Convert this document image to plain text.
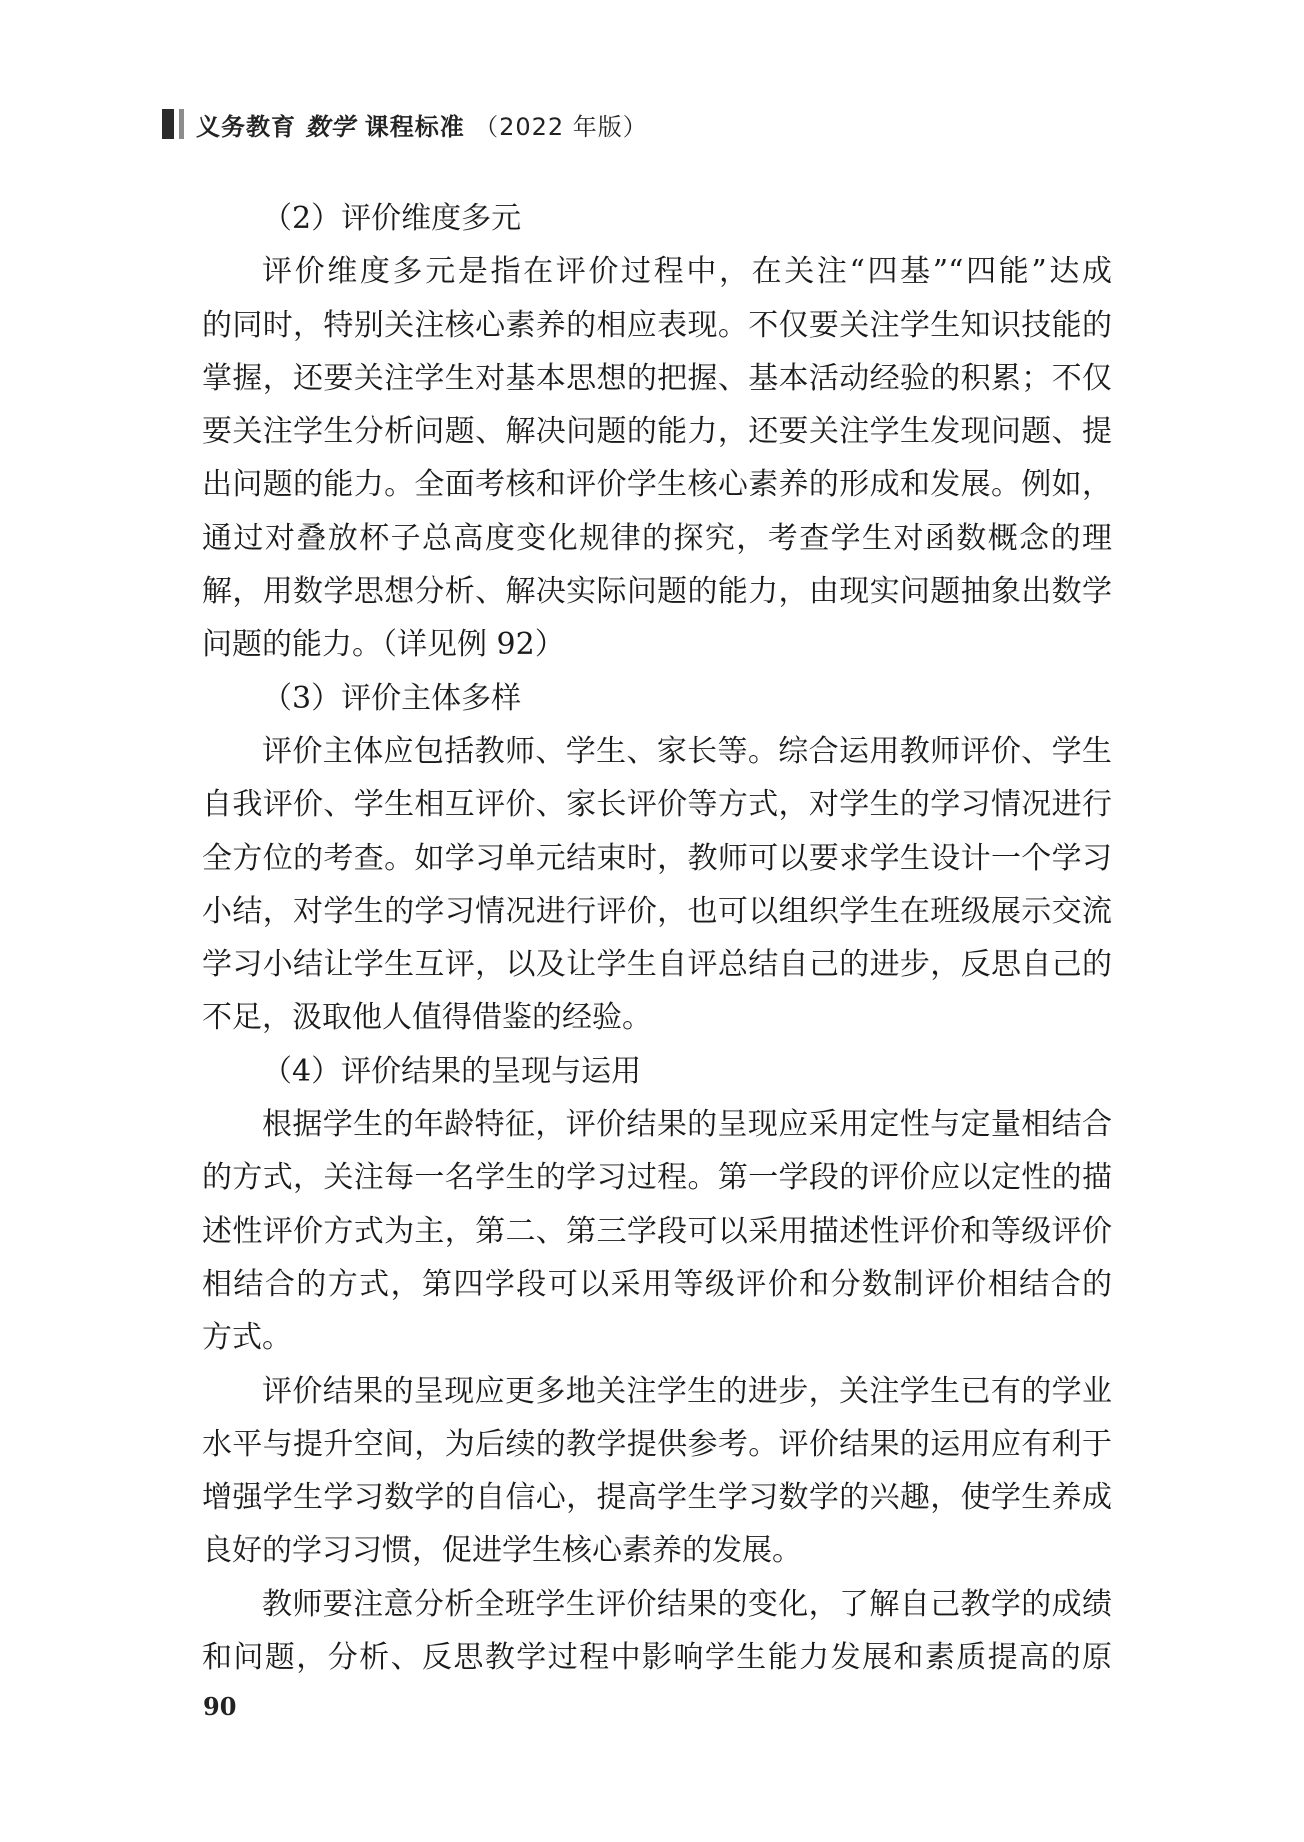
义务教育 数学 课程标准 （2022 年版）
（2）评价维度多元
评价维度多元是指在评价过程中，在关注“四基”“四能”达成
的同时，特别关注核心素养的相应表现。不仅要关注学生知识技能的
掌握，还要关注学生对基本思想的把握、基本活动经验的积累；不仅
要关注学生分析问题、解决问题的能力，还要关注学生发现问题、提
出问题的能力。全面考核和评价学生核心素养的形成和发展。例如，
通过对叠放杯子总高度变化规律的探究，考查学生对函数概念的理
解，用数学思想分析、解决实际问题的能力，由现实问题抽象出数学
问题的能力。（详见例 92）
（3）评价主体多样
评价主体应包括教师、学生、家长等。综合运用教师评价、学生
自我评价、学生相互评价、家长评价等方式，对学生的学习情况进行
全方位的考查。如学习单元结束时，教师可以要求学生设计一个学习
小结，对学生的学习情况进行评价，也可以组织学生在班级展示交流
学习小结让学生互评，以及让学生自评总结自己的进步，反思自己的
不足，汲取他人值得借鉴的经验。
（4）评价结果的呈现与运用
根据学生的年龄特征，评价结果的呈现应采用定性与定量相结合
的方式，关注每一名学生的学习过程。第一学段的评价应以定性的描
述性评价方式为主，第二、第三学段可以采用描述性评价和等级评价
相结合的方式，第四学段可以采用等级评价和分数制评价相结合的
方式。
评价结果的呈现应更多地关注学生的进步，关注学生已有的学业
水平与提升空间，为后续的教学提供参考。评价结果的运用应有利于
增强学生学习数学的自信心，提高学生学习数学的兴趣，使学生养成
良好的学习习惯，促进学生核心素养的发展。
教师要注意分析全班学生评价结果的变化，了解自己教学的成绩
和问题，分析、反思教学过程中影响学生能力发展和素质提高的原
90
